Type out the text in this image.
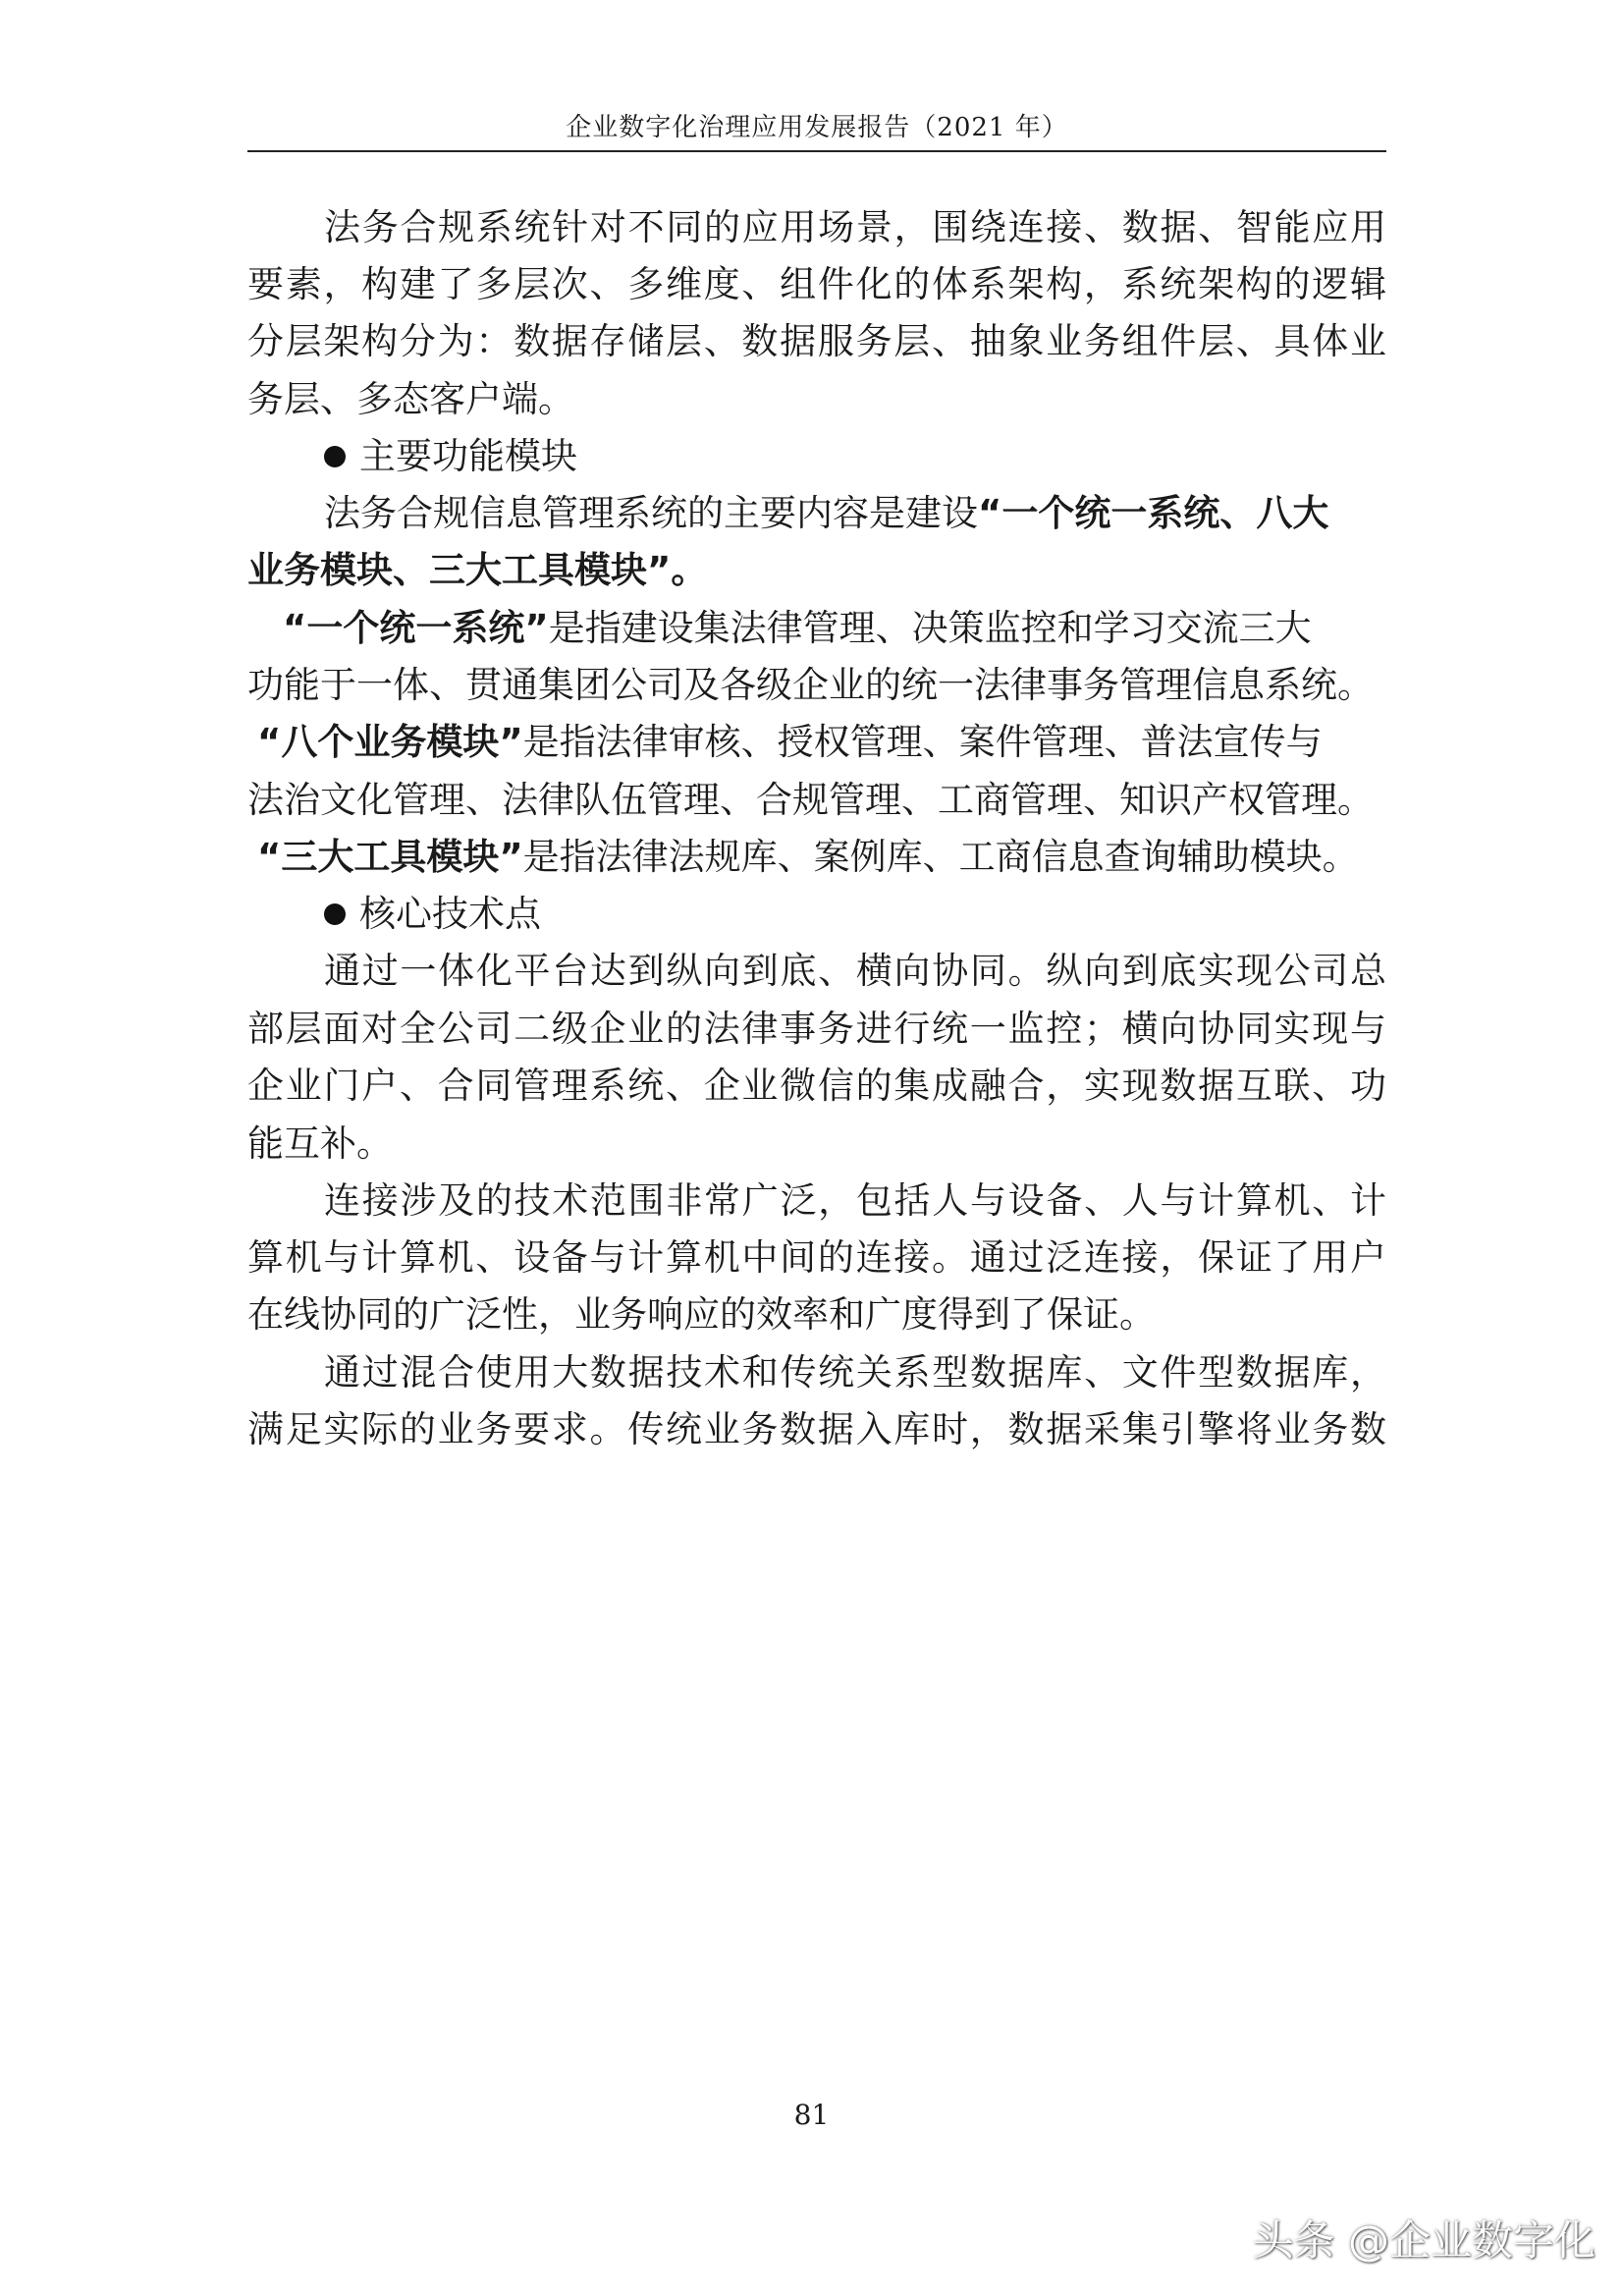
企业数字化治理应用发展报告（2021 年）
法务合规系统针对不同的应用场景，围绕连接、数据、智能应用
要素，构建了多层次、多维度、组件化的体系架构，系统架构的逻辑
分层架构分为：数据存储层、数据服务层、抽象业务组件层、具体业
务层、多态客户端。
主要功能模块
法务合规信息管理系统的主要内容是建设“一个统一系统、八大
业务模块、三大工具模块”。
“一个统一系统”是指建设集法律管理、决策监控和学习交流三大
功能于一体、贯通集团公司及各级企业的统一法律事务管理信息系统。
“八个业务模块”是指法律审核、授权管理、案件管理、普法宣传与
法治文化管理、法律队伍管理、合规管理、工商管理、知识产权管理。
“三大工具模块”是指法律法规库、案例库、工商信息查询辅助模块。
核心技术点
通过一体化平台达到纵向到底、横向协同。纵向到底实现公司总
部层面对全公司二级企业的法律事务进行统一监控；横向协同实现与
企业门户、合同管理系统、企业微信的集成融合，实现数据互联、功
能互补。
连接涉及的技术范围非常广泛，包括人与设备、人与计算机、计
算机与计算机、设备与计算机中间的连接。通过泛连接，保证了用户
在线协同的广泛性，业务响应的效率和广度得到了保证。
通过混合使用大数据技术和传统关系型数据库、文件型数据库，
满足实际的业务要求。传统业务数据入库时，数据采集引擎将业务数
81
头条 @企业数字化
